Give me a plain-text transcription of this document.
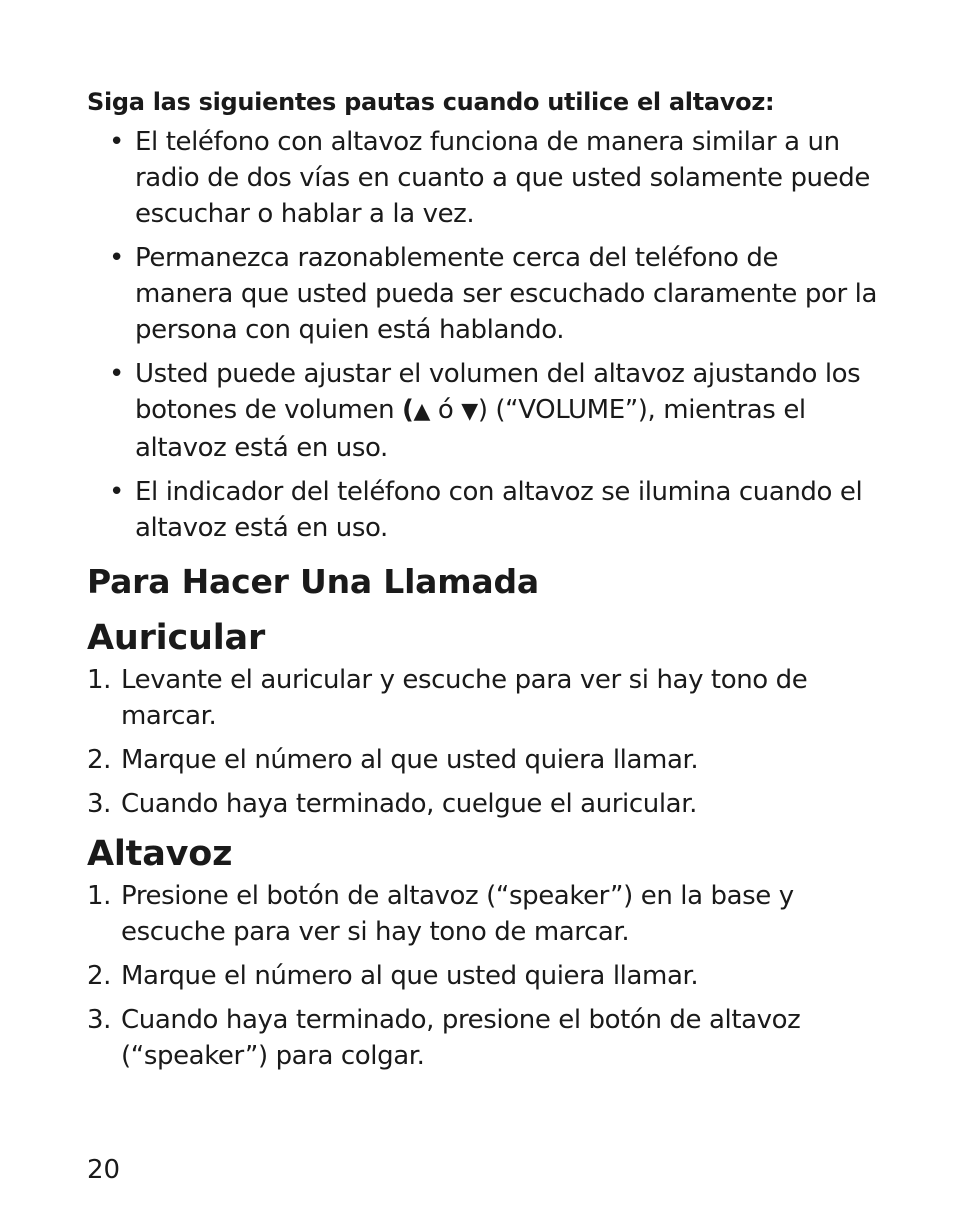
Siga las siguientes pautas cuando utilice el altavoz:

• El teléfono con altavoz funciona de manera similar a un radio de dos vías en cuanto a que usted solamente puede escuchar o hablar a la vez.
• Permanezca razonablemente cerca del teléfono de manera que usted pueda ser escuchado claramente por la persona con quien está hablando.
• Usted puede ajustar el volumen del altavoz ajustando los botones de volumen (▲ ó ▼) (“VOLUME”), mientras el altavoz está en uso.
• El indicador del teléfono con altavoz se ilumina cuando el altavoz está en uso.
Para Hacer Una Llamada
Auricular
1. Levante el auricular y escuche para ver si hay tono de marcar.
2. Marque el número al que usted quiera llamar.
3. Cuando haya terminado, cuelgue el auricular.
Altavoz
1. Presione el botón de altavoz (“speaker”) en la base y escuche para ver si hay tono de marcar.
2. Marque el número al que usted quiera llamar.
3. Cuando haya terminado, presione el botón de altavoz (“speaker”) para colgar.
20
